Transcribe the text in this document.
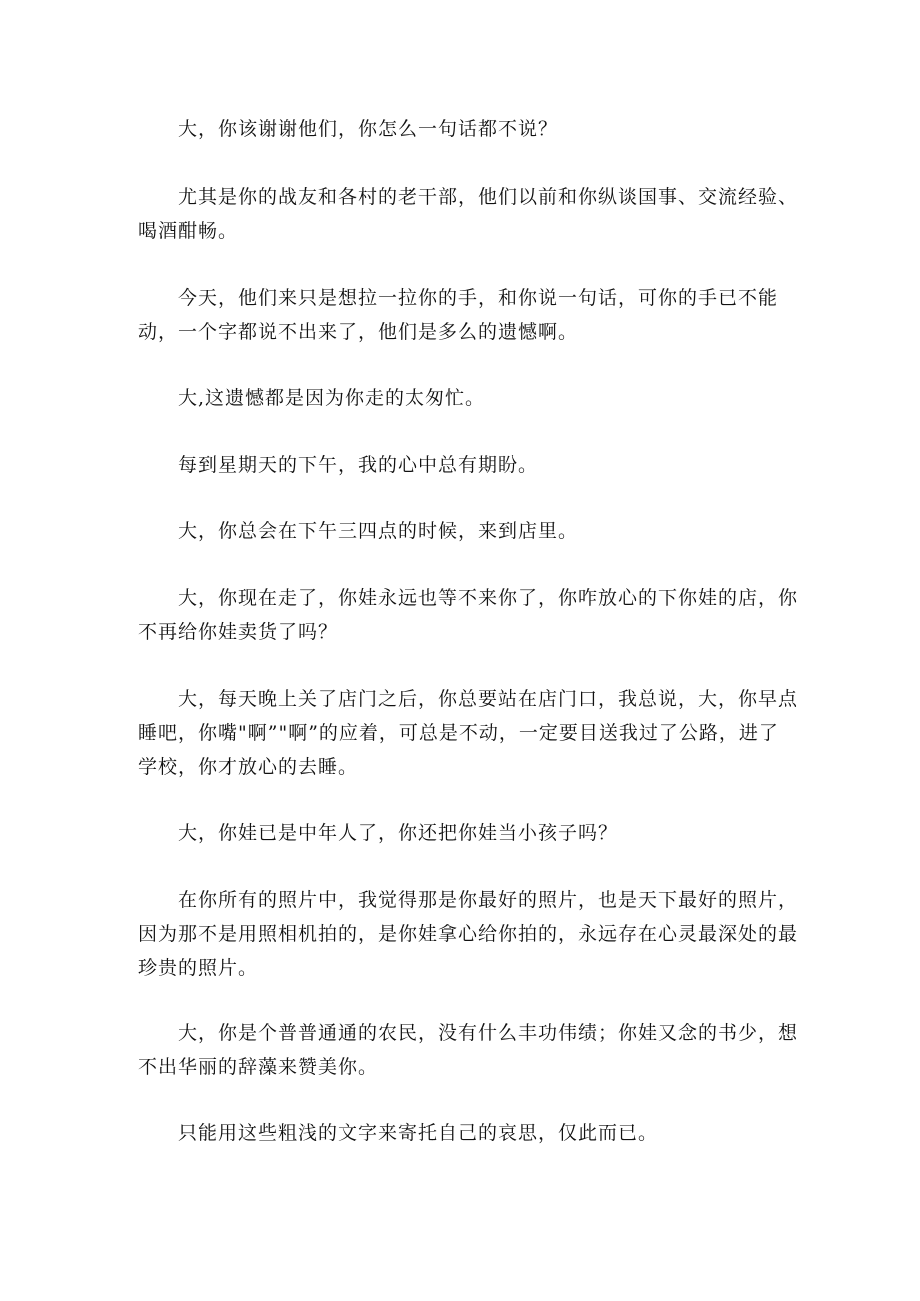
大，你该谢谢他们，你怎么一句话都不说？

尤其是你的战友和各村的老干部，他们以前和你纵谈国事、交流经验、喝酒酣畅。

今天，他们来只是想拉一拉你的手，和你说一句话，可你的手已不能动，一个字都说不出来了，他们是多么的遗憾啊。

大,这遗憾都是因为你走的太匆忙。

每到星期天的下午，我的心中总有期盼。

大，你总会在下午三四点的时候，来到店里。

大，你现在走了，你娃永远也等不来你了，你咋放心的下你娃的店，你不再给你娃卖货了吗？

大，每天晚上关了店门之后，你总要站在店门口，我总说，大，你早点睡吧，你嘴"啊”"啊”的应着，可总是不动，一定要目送我过了公路，进了学校，你才放心的去睡。

大，你娃已是中年人了，你还把你娃当小孩子吗？

在你所有的照片中，我觉得那是你最好的照片，也是天下最好的照片，因为那不是用照相机拍的，是你娃拿心给你拍的，永远存在心灵最深处的最珍贵的照片。

大，你是个普普通通的农民，没有什么丰功伟绩；你娃又念的书少，想不出华丽的辞藻来赞美你。

只能用这些粗浅的文字来寄托自己的哀思，仅此而已。
